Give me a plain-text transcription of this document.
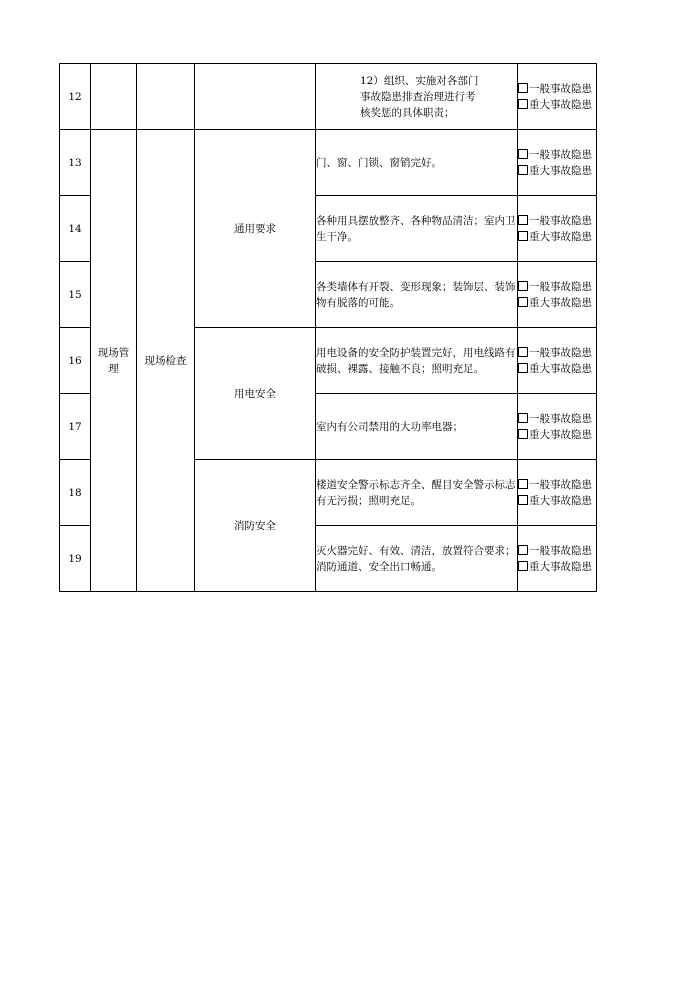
12				12）组织、实施对各部门事故隐患排查治理进行考核奖惩的具体职责；	一般事故隐患
重大事故隐患

13	现场管理	现场检查	通用要求	门、窗、门锁、窗销完好。	一般事故隐患
重大事故隐患

14				各种用具摆放整齐、各种物品清洁；室内卫生干净。	一般事故隐患
重大事故隐患

15				各类墙体有开裂、变形现象；装饰层、装饰物有脱落的可能。	一般事故隐患
重大事故隐患

16			用电安全	用电设备的安全防护装置完好，用电线路有破损、裸露、接触不良；照明充足。	一般事故隐患
重大事故隐患

17				室内有公司禁用的大功率电器；	一般事故隐患
重大事故隐患

18			消防安全	楼道安全警示标志齐全、醒目安全警示标志有无污损；照明充足。	一般事故隐患
重大事故隐患

19				灭火器完好、有效、清洁，放置符合要求；消防通道、安全出口畅通。	一般事故隐患
重大事故隐患
